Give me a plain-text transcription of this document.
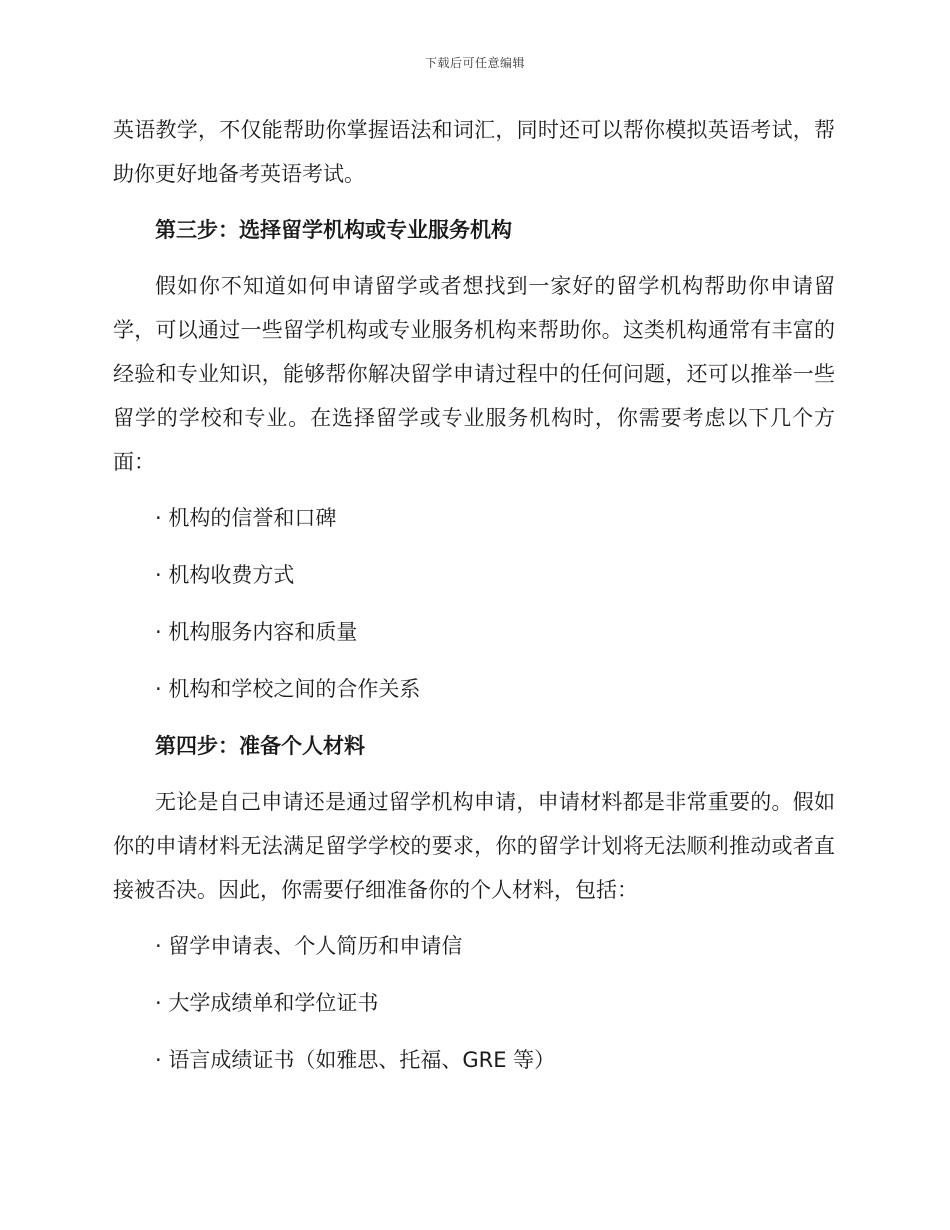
下载后可任意编辑

英语教学，不仅能帮助你掌握语法和词汇，同时还可以帮你模拟英语考试，帮助你更好地备考英语考试。

第三步：选择留学机构或专业服务机构

假如你不知道如何申请留学或者想找到一家好的留学机构帮助你申请留学，可以通过一些留学机构或专业服务机构来帮助你。这类机构通常有丰富的经验和专业知识，能够帮你解决留学申请过程中的任何问题，还可以推举一些留学的学校和专业。在选择留学或专业服务机构时，你需要考虑以下几个方面：

· 机构的信誉和口碑
· 机构收费方式
· 机构服务内容和质量
· 机构和学校之间的合作关系
第四步：准备个人材料

无论是自己申请还是通过留学机构申请，申请材料都是非常重要的。假如你的申请材料无法满足留学学校的要求，你的留学计划将无法顺利推动或者直接被否决。因此，你需要仔细准备你的个人材料，包括：

· 留学申请表、个人简历和申请信
· 大学成绩单和学位证书
· 语言成绩证书（如雅思、托福、GRE 等）
